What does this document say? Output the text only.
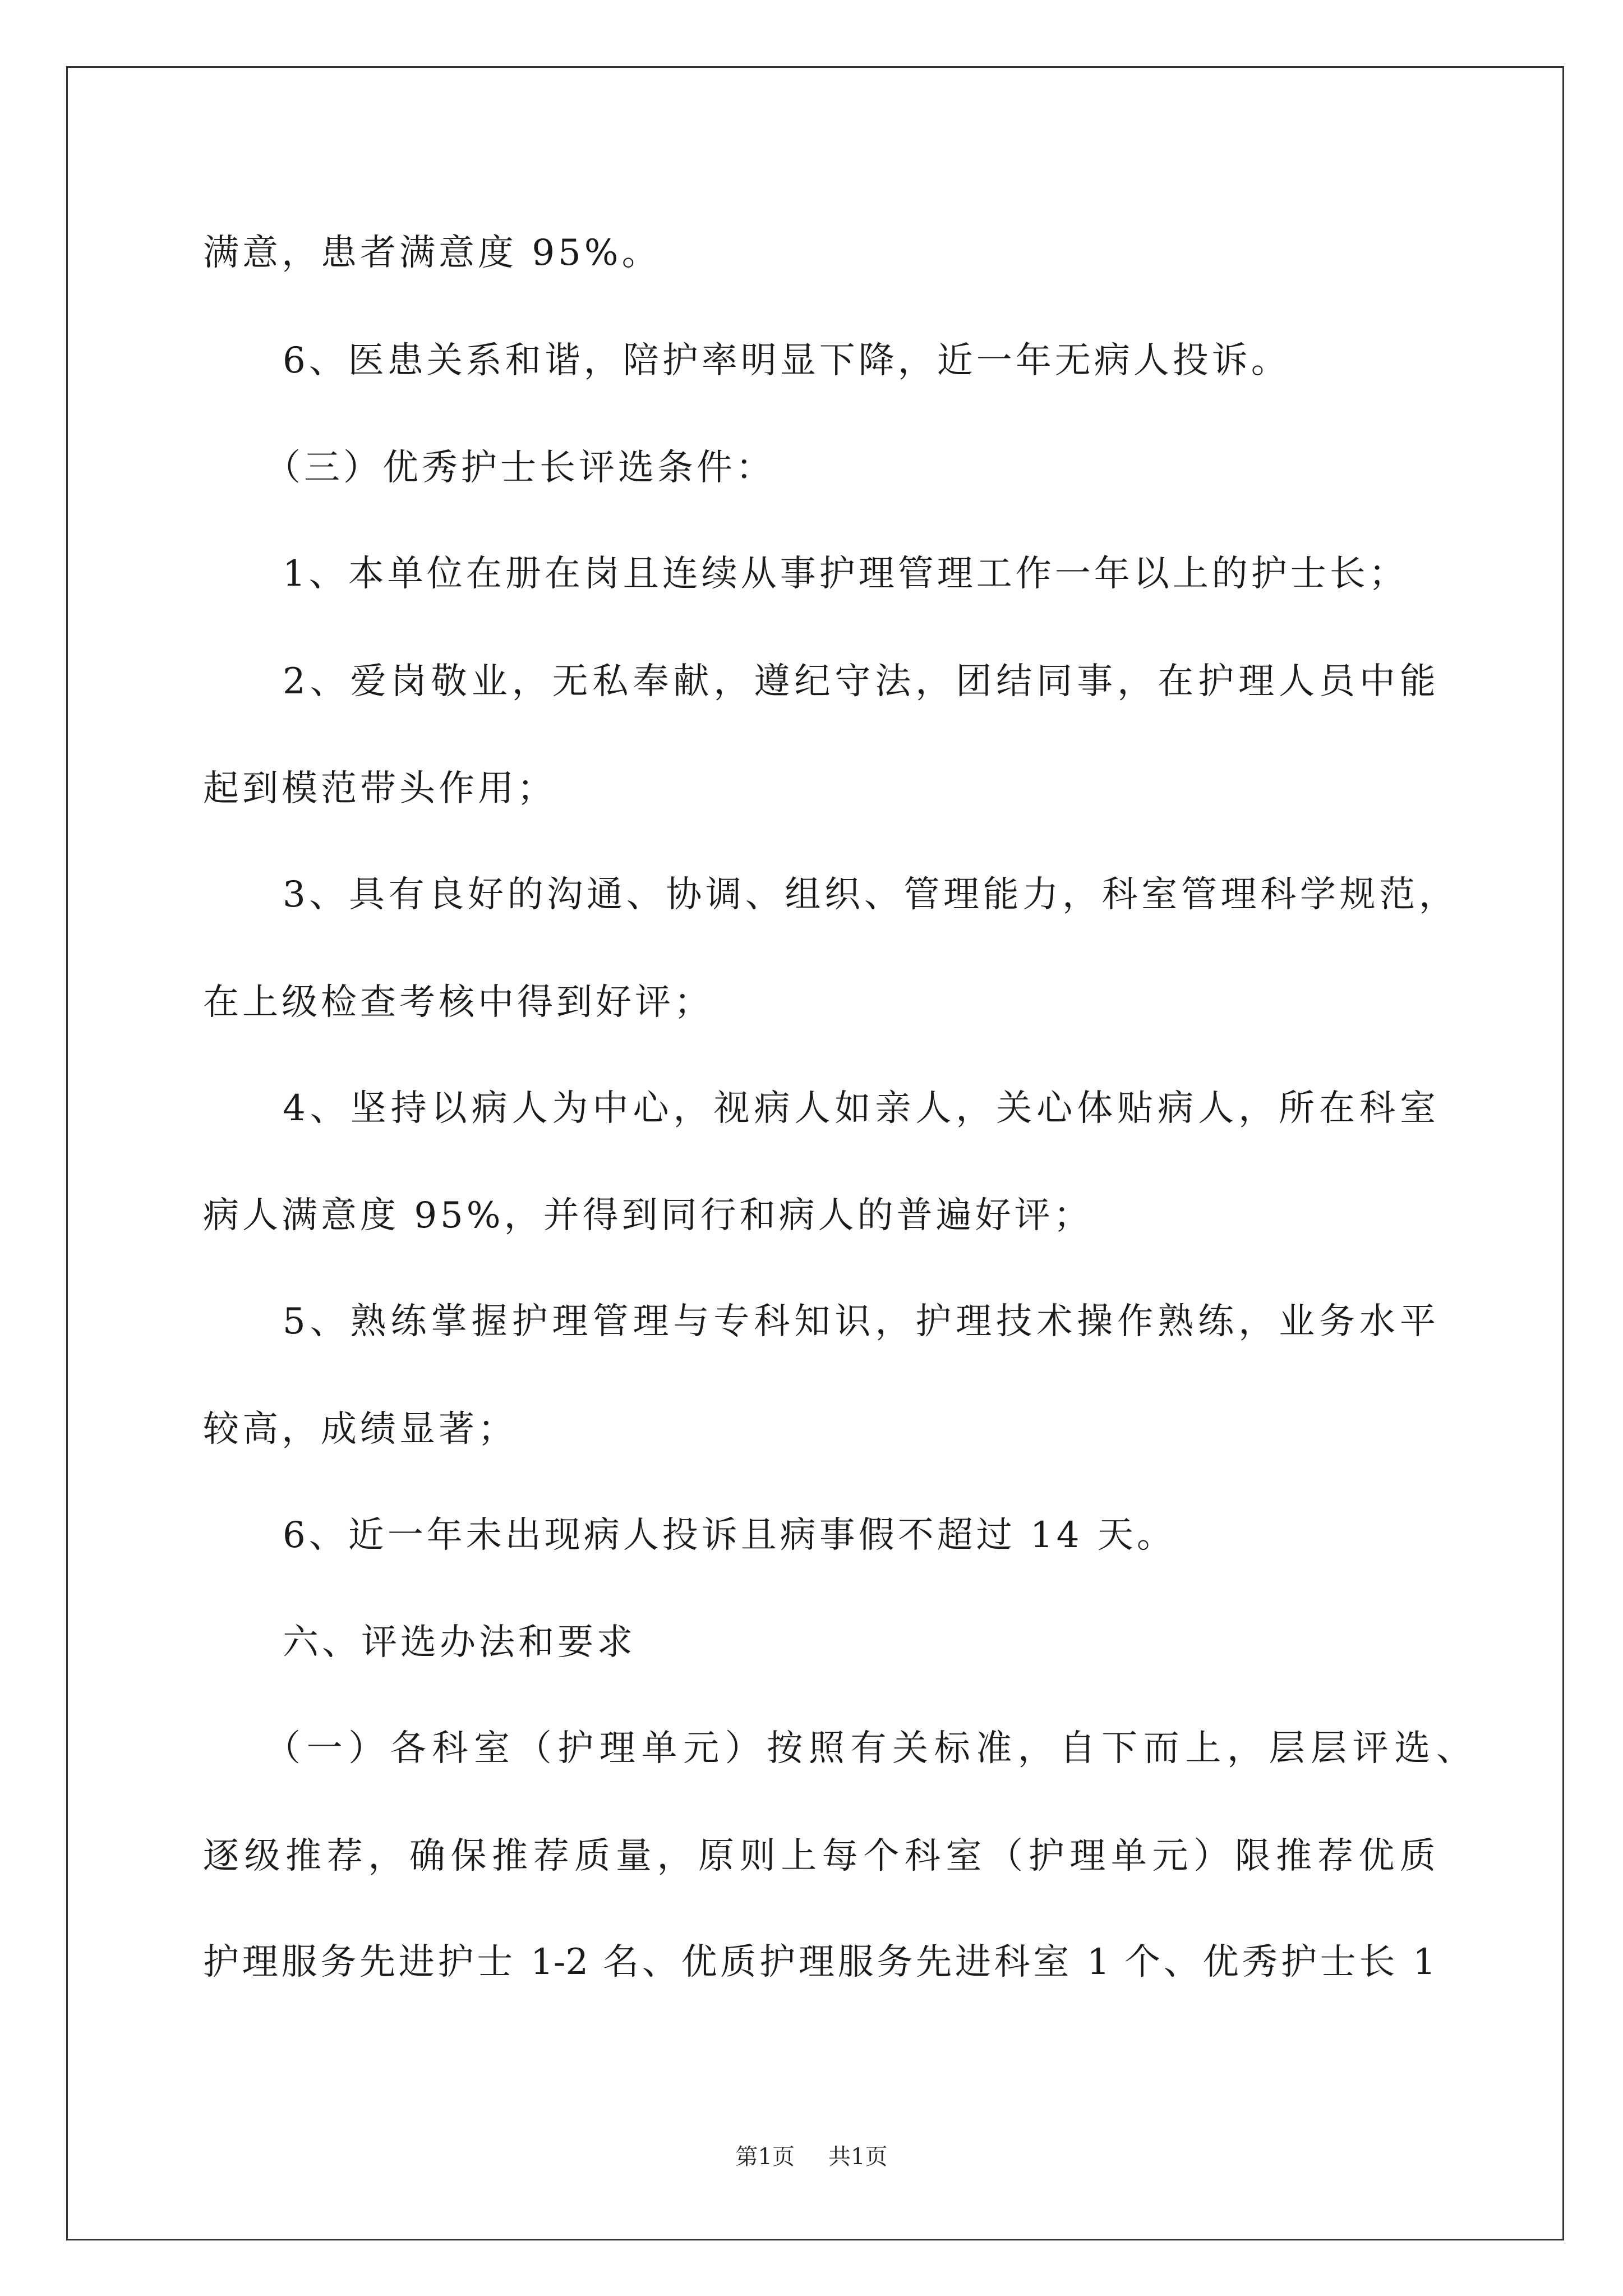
满意，患者满意度 95%。
6、医患关系和谐，陪护率明显下降，近一年无病人投诉。
（三）优秀护士长评选条件：
1、本单位在册在岗且连续从事护理管理工作一年以上的护士长；
2、爱岗敬业，无私奉献，遵纪守法，团结同事，在护理人员中能
起到模范带头作用；
3、具有良好的沟通、协调、组织、管理能力，科室管理科学规范，
在上级检查考核中得到好评；
4、坚持以病人为中心，视病人如亲人，关心体贴病人，所在科室
病人满意度 95%，并得到同行和病人的普遍好评；
5、熟练掌握护理管理与专科知识，护理技术操作熟练，业务水平
较高，成绩显著；
6、近一年未出现病人投诉且病事假不超过 14 天。
六、评选办法和要求
（一）各科室（护理单元）按照有关标准，自下而上，层层评选、
逐级推荐，确保推荐质量，原则上每个科室（护理单元）限推荐优质
护理服务先进护士 1-2 名、优质护理服务先进科室 1 个、优秀护士长 1
第1页 共1页
